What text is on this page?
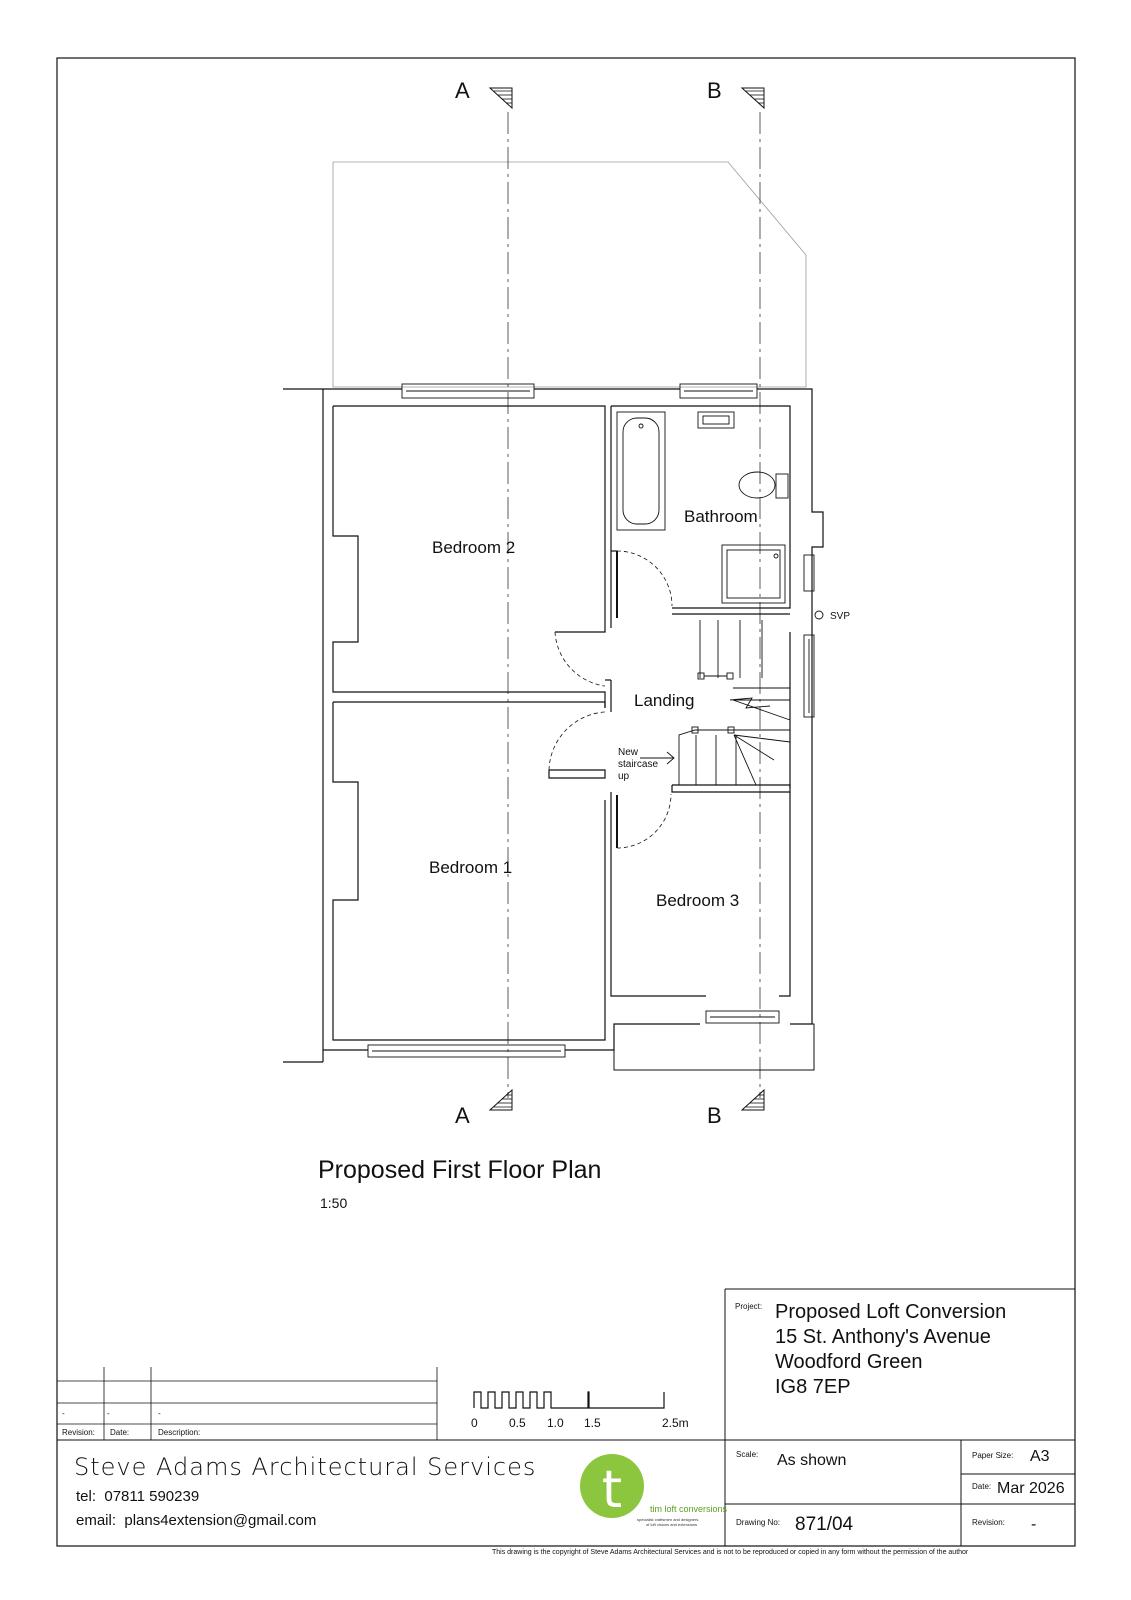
A	B
A	B
SVP
Bedroom 2
Bedroom 1
Bedroom 3
Bathroom
Landing
New
staircase
up
Proposed First Floor Plan
1:50
0	0.5 1.0 1.5	2.5m
-	-	-
Revision: Date:	Description:
t	tim loft conversions
specialist craftsmen and designers
of loft visions and extensions
Project: Proposed Loft Conversion
15 St. Anthony's Avenue
Woodford Green
IG8 7EP
Scale: As shown	Paper Size: A3
Date: Mar 2026
Drawing No: 871/04	Revision: -
Steve Adams Architectural Services
tel: 07811 590239
email: plans4extension@gmail.com
This drawing is the copyright of Steve Adams Architectural Services and is not to be reproduced or copied in any form without the permission of the author
